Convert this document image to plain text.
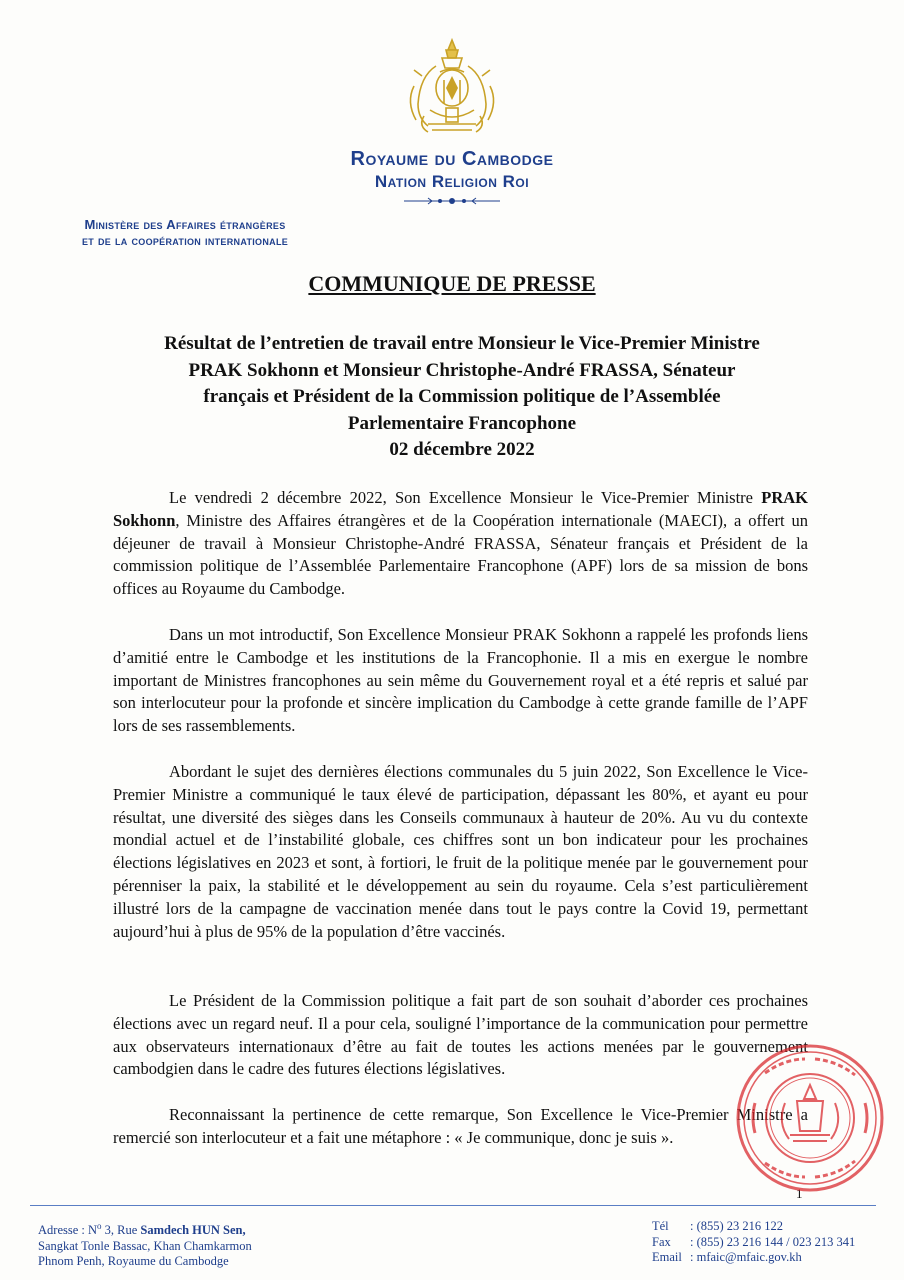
Royaume du Cambodge
Nation Religion Roi
Ministère des Affaires étrangères
et de la coopération internationale
COMMUNIQUE DE PRESSE
Résultat de l’entretien de travail entre Monsieur le Vice-Premier Ministre
PRAK Sokhonn et Monsieur Christophe-André FRASSA, Sénateur
français et Président de la Commission politique de l’Assemblée
Parlementaire Francophone
02 décembre 2022

Le vendredi 2 décembre 2022, Son Excellence Monsieur le Vice-Premier Ministre PRAK Sokhonn, Ministre des Affaires étrangères et de la Coopération internationale (MAECI), a offert un déjeuner de travail à Monsieur Christophe-André FRASSA, Sénateur français et Président de la commission politique de l’Assemblée Parlementaire Francophone (APF) lors de sa mission de bons offices au Royaume du Cambodge.

Dans un mot introductif, Son Excellence Monsieur PRAK Sokhonn a rappelé les profonds liens d’amitié entre le Cambodge et les institutions de la Francophonie. Il a mis en exergue le nombre important de Ministres francophones au sein même du Gouvernement royal et a été repris et salué par son interlocuteur pour la profonde et sincère implication du Cambodge à cette grande famille de l’APF lors de ses rassemblements.

Abordant le sujet des dernières élections communales du 5 juin 2022, Son Excellence le Vice-Premier Ministre a communiqué le taux élevé de participation, dépassant les 80%, et ayant eu pour résultat, une diversité des sièges dans les Conseils communaux à hauteur de 20%. Au vu du contexte mondial actuel et de l’instabilité globale, ces chiffres sont un bon indicateur pour les prochaines élections législatives en 2023 et sont, à fortiori, le fruit de la politique menée par le gouvernement pour pérenniser la paix, la stabilité et le développement au sein du royaume. Cela s’est particulièrement illustré lors de la campagne de vaccination menée dans tout le pays contre la Covid 19, permettant aujourd’hui à plus de 95% de la population d’être vaccinés.

Le Président de la Commission politique a fait part de son souhait d’aborder ces prochaines élections avec un regard neuf. Il a pour cela, souligné l’importance de la communication pour permettre aux observateurs internationaux d’être au fait de toutes les actions menées par le gouvernement cambodgien dans le cadre des futures élections législatives.

Reconnaissant la pertinence de cette remarque, Son Excellence le Vice-Premier Ministre a remercié son interlocuteur et a fait une métaphore : « Je communique, donc je suis ».

1
Adresse : $N^o$ 3, Rue Samdech HUN Sen,
Sangkat Tonle Bassac, Khan Chamkarmon
Phnom Penh, Royaume du Cambodge
Tél : (855) 23 216 122
Fax : (855) 23 216 144 / 023 213 341
Email : mfaic@mfaic.gov.kh
